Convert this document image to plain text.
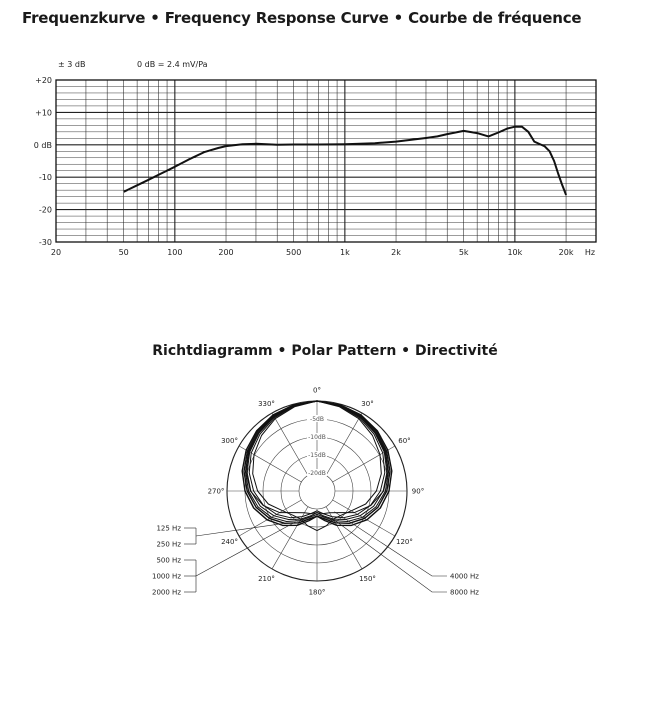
Frequenzkurve • Frequency Response Curve • Courbe de fréquence
Richtdiagramm • Polar Pattern • Directivité
± 3 dB	0 dB = 2.4 mV/Pa
+20
+10
0 dB
-10
-20
-30
20	50	100	200	500	1k	2k	5k	10k	20k Hz
-5dB
-10dB
-15dB
-20dB
0°
30°
60°
90°
120°
150°
180°
210°
240°
270°
300°
330°
125 Hz
250 Hz
500 Hz
1000 Hz
2000 Hz
4000 Hz
8000 Hz
